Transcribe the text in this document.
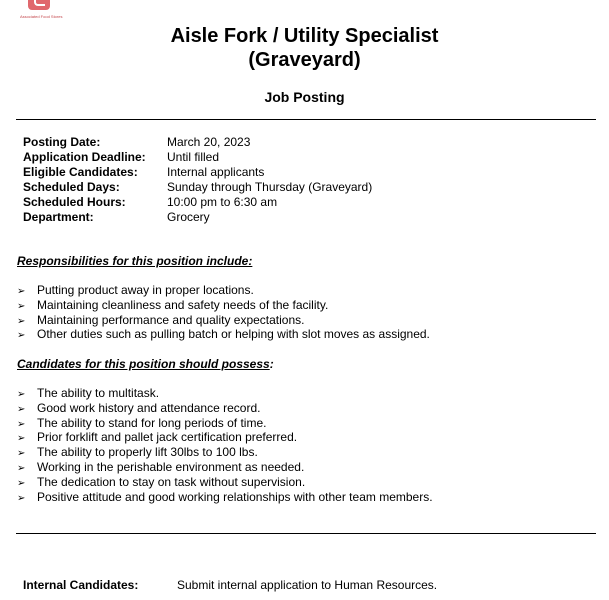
Associated Food Stores
Aisle Fork / Utility Specialist
(Graveyard)
Job Posting
Posting Date:	March 20, 2023
Application Deadline: Until filled
Eligible Candidates: Internal applicants
Scheduled Days:	Sunday through Thursday (Graveyard)
Scheduled Hours:	10:00 pm to 6:30 am
Department:	Grocery
Responsibilities for this position include:
➢ Putting product away in proper locations.
➢ Maintaining cleanliness and safety needs of the facility.
➢ Maintaining performance and quality expectations.
➢ Other duties such as pulling batch or helping with slot moves as assigned.
Candidates for this position should possess:
➢ The ability to multitask.
➢ Good work history and attendance record.
➢ The ability to stand for long periods of time.
➢ Prior forklift and pallet jack certification preferred.
➢ The ability to properly lift 30lbs to 100 lbs.
➢ Working in the perishable environment as needed.
➢ The dedication to stay on task without supervision.
➢ Positive attitude and good working relationships with other team members.
Internal Candidates:	Submit internal application to Human Resources.
